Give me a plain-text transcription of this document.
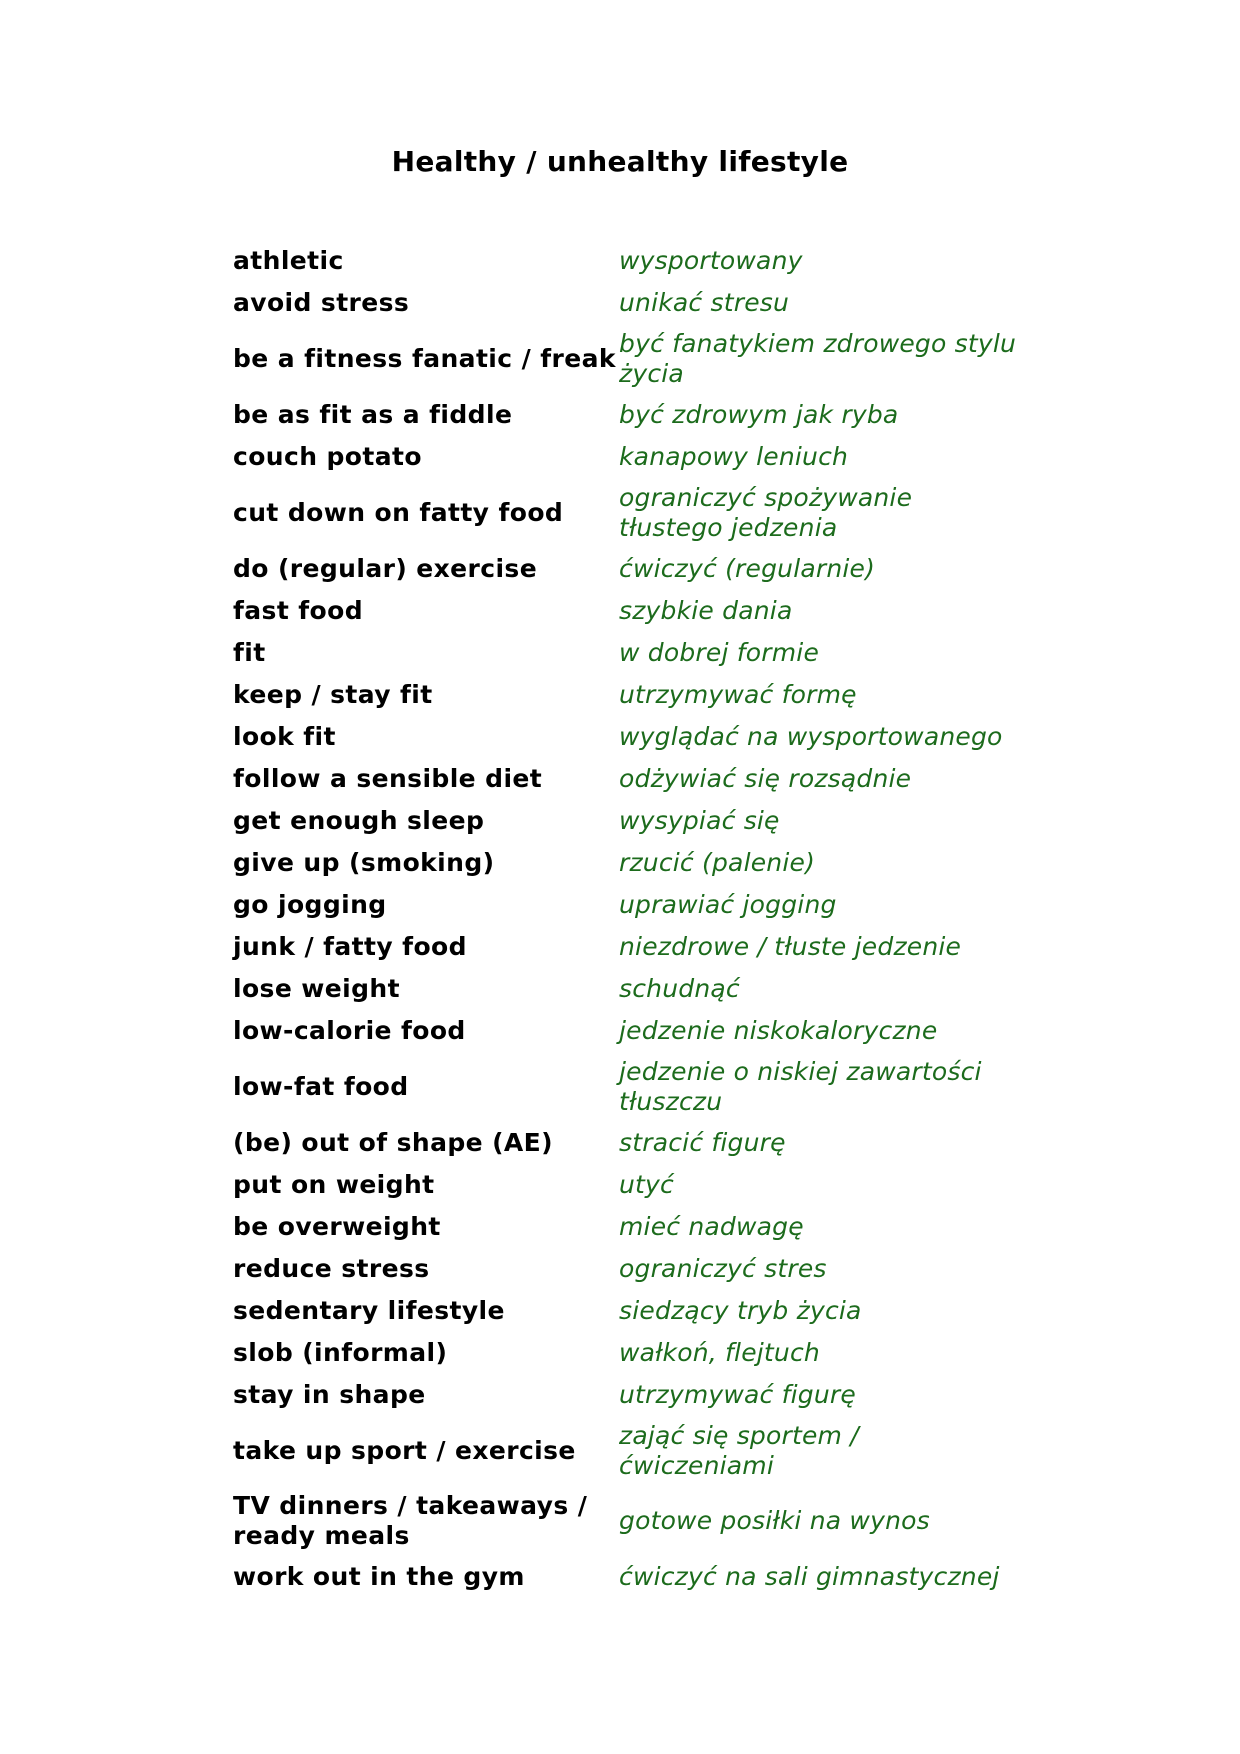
Healthy / unhealthy lifestyle
athletic	wysportowany
avoid stress	unikać stresu
be a fitness fanatic / freak	być fanatykiem zdrowego stylu życia
be as fit as a fiddle	być zdrowym jak ryba
couch potato	kanapowy leniuch
cut down on fatty food	ograniczyć spożywanie tłustego jedzenia
do (regular) exercise	ćwiczyć (regularnie)
fast food	szybkie dania
fit	w dobrej formie
keep / stay fit	utrzymywać formę
look fit	wyglądać na wysportowanego
follow a sensible diet	odżywiać się rozsądnie
get enough sleep	wysypiać się
give up (smoking)	rzucić (palenie)
go jogging	uprawiać jogging
junk / fatty food	niezdrowe / tłuste jedzenie
lose weight	schudnąć
low-calorie food	jedzenie niskokaloryczne
low-fat food	jedzenie o niskiej zawartości tłuszczu
(be) out of shape (AE)	stracić figurę
put on weight	utyć
be overweight	mieć nadwagę
reduce stress	ograniczyć stres
sedentary lifestyle	siedzący tryb życia
slob (informal)	wałkoń, flejtuch
stay in shape	utrzymywać figurę
take up sport / exercise	zająć się sportem / ćwiczeniami
TV dinners / takeaways / ready meals	gotowe posiłki na wynos
work out in the gym	ćwiczyć na sali gimnastycznej
